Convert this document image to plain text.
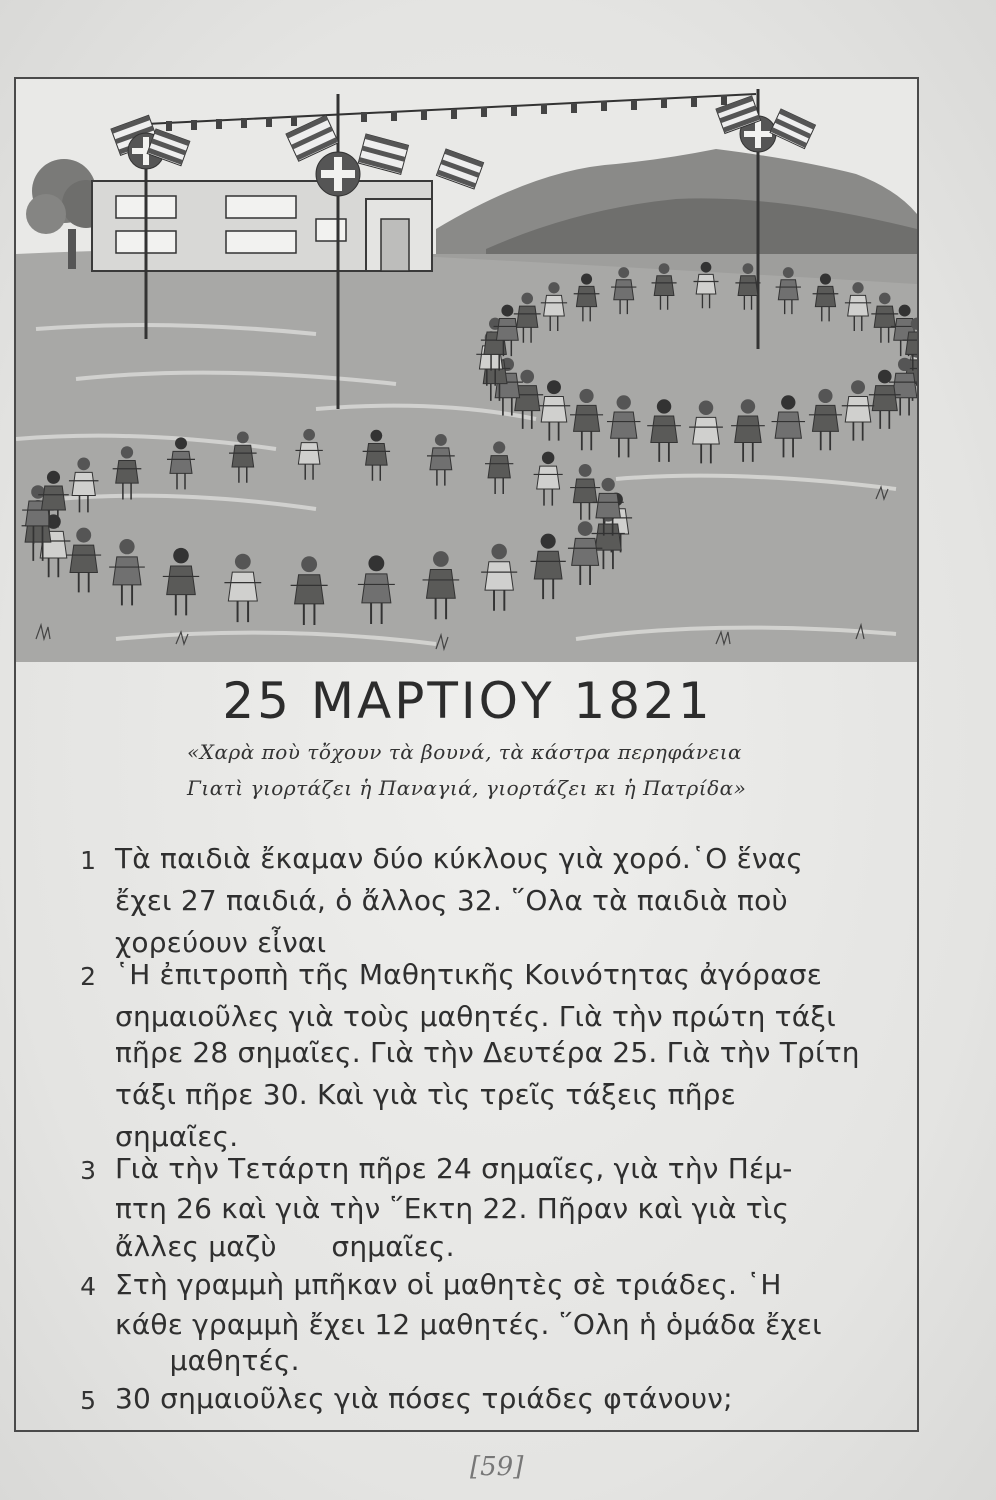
25 ΜΑΡΤΙΟΥ 1821
«Χαρὰ ποὺ τὄχουν τὰ βουνά, τὰ κάστρα περηφάνεια
Γιατὶ γιορτάζει ἡ Παναγιά, γιορτάζει κι ἡ Πατρίδα»
1 Τὰ παιδιὰ ἔκαμαν δύο κύκλους γιὰ χορό.῾Ο ἕνας
ἔχει 27 παιδιά, ὁ ἄλλος 32. ῞Ολα τὰ παιδιὰ ποὺ
χορεύουν εἶναι
2 ῾Η ἐπιτροπὴ τῆς Μαθητικῆς Κοινότητας ἀγόρασε
σημαιοῦλες γιὰ τοὺς μαθητές. Γιὰ τὴν πρώτη τάξι
πῆρε 28 σημαῖες. Γιὰ τὴν Δευτέρα 25. Γιὰ τὴν Τρίτη
τάξι πῆρε 30. Καὶ γιὰ τὶς τρεῖς τάξεις πῆρε
σημαῖες.
3 Γιὰ τὴν Τετάρτη πῆρε 24 σημαῖες, γιὰ τὴν Πέμ-
πτη 26 καὶ γιὰ τὴν ῞Εκτη 22. Πῆραν καὶ γιὰ τὶς
ἄλλες μαζὺ      σημαῖες.
4 Στὴ γραμμὴ μπῆκαν οἱ μαθητὲς σὲ τριάδες. ῾Η
κάθε γραμμὴ ἔχει 12 μαθητές. ῞Ολη ἡ ὁμάδα ἔχει
μαθητές.
5 30 σημαιοῦλες γιὰ πόσες τριάδες φτάνουν;
[59]
